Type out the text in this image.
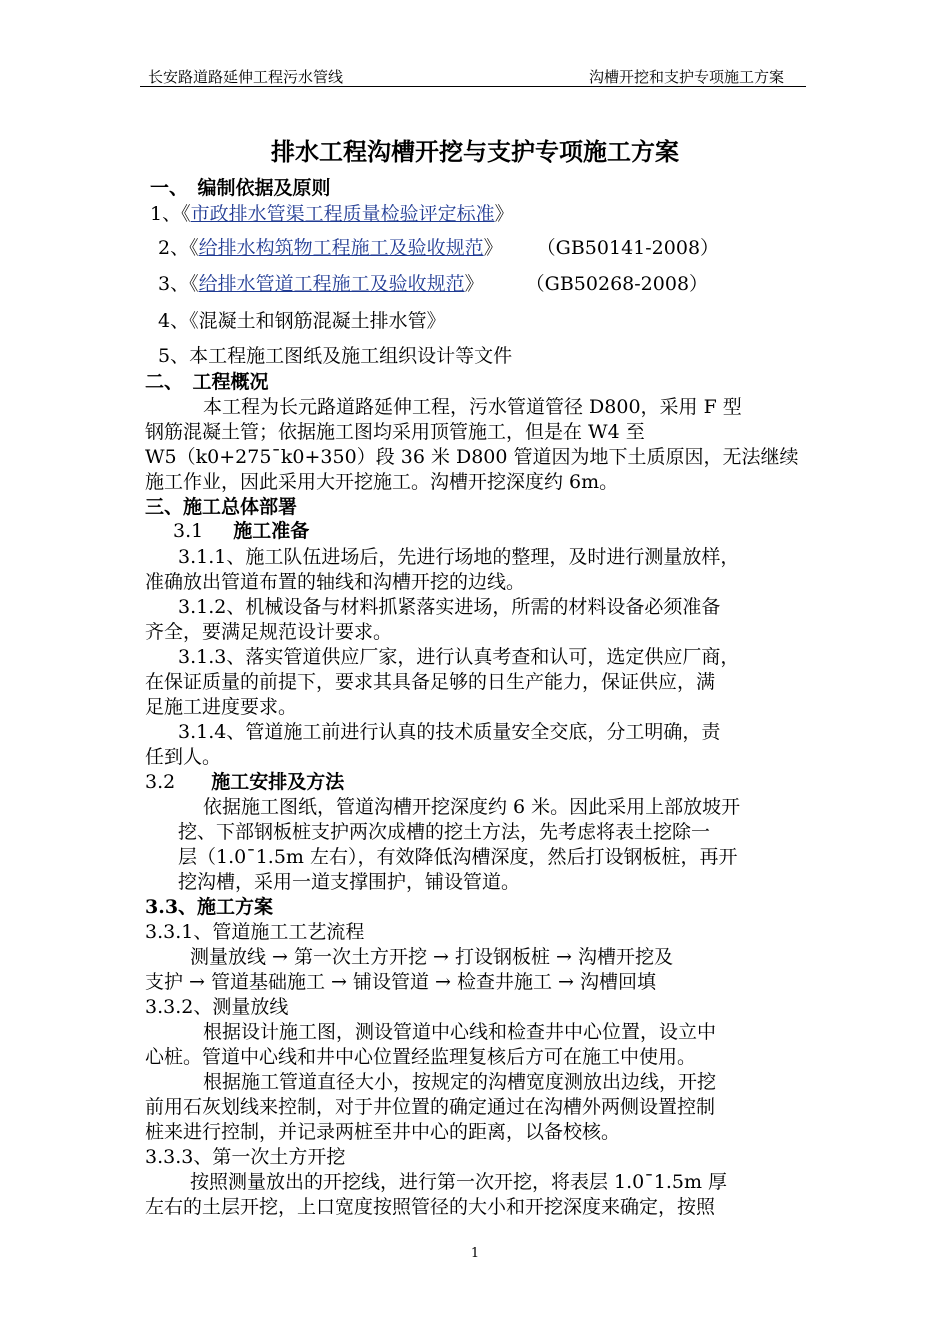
长安路道路延伸工程污水管线	沟槽开挖和支护专项施工方案
排水工程沟槽开挖与支护专项施工方案
一、　编制依据及原则
1、《市政排水管渠工程质量检验评定标准》
2、《给排水构筑物工程施工及验收规范》 （GB50141-2008）
3、《给排水管道工程施工及验收规范》 （GB50268-2008）
4、《混凝土和钢筋混凝土排水管》
5、本工程施工图纸及施工组织设计等文件
二、　工程概况
本工程为长元路道路延伸工程，污水管道管径 D800，采用 F 型
钢筋混凝土管；依据施工图均采用顶管施工，但是在 W4 至
W5（k0+275ˉk0+350）段 36 米 D800 管道因为地下土质原因，无法继续
施工作业，因此采用大开挖施工。沟槽开挖深度约 6m。
三、施工总体部署
3.1 施工准备
3.1.1、施工队伍进场后，先进行场地的整理，及时进行测量放样，
准确放出管道布置的轴线和沟槽开挖的边线。
3.1.2、机械设备与材料抓紧落实进场，所需的材料设备必须准备
齐全，要满足规范设计要求。
3.1.3、落实管道供应厂家，进行认真考查和认可，选定供应厂商，
在保证质量的前提下，要求其具备足够的日生产能力，保证供应，满
足施工进度要求。
3.1.4、管道施工前进行认真的技术质量安全交底，分工明确，责
任到人。
3.2 施工安排及方法
依据施工图纸，管道沟槽开挖深度约 6 米。因此采用上部放坡开
挖、下部钢板桩支护两次成槽的挖土方法，先考虑将表土挖除一
层（1.0ˉ1.5m 左右），有效降低沟槽深度，然后打设钢板桩，再开
挖沟槽，采用一道支撑围护，铺设管道。
3.3、施工方案
3.3.1、管道施工工艺流程
测量放线 → 第一次土方开挖 → 打设钢板桩 → 沟槽开挖及
支护 → 管道基础施工 → 铺设管道 → 检查井施工 → 沟槽回填
3.3.2、测量放线
根据设计施工图，测设管道中心线和检查井中心位置，设立中
心桩。管道中心线和井中心位置经监理复核后方可在施工中使用。
根据施工管道直径大小，按规定的沟槽宽度测放出边线，开挖
前用石灰划线来控制，对于井位置的确定通过在沟槽外两侧设置控制
桩来进行控制，并记录两桩至井中心的距离，以备校核。
3.3.3、第一次土方开挖
按照测量放出的开挖线，进行第一次开挖，将表层 1.0ˉ1.5m 厚
左右的土层开挖，上口宽度按照管径的大小和开挖深度来确定，按照
1
